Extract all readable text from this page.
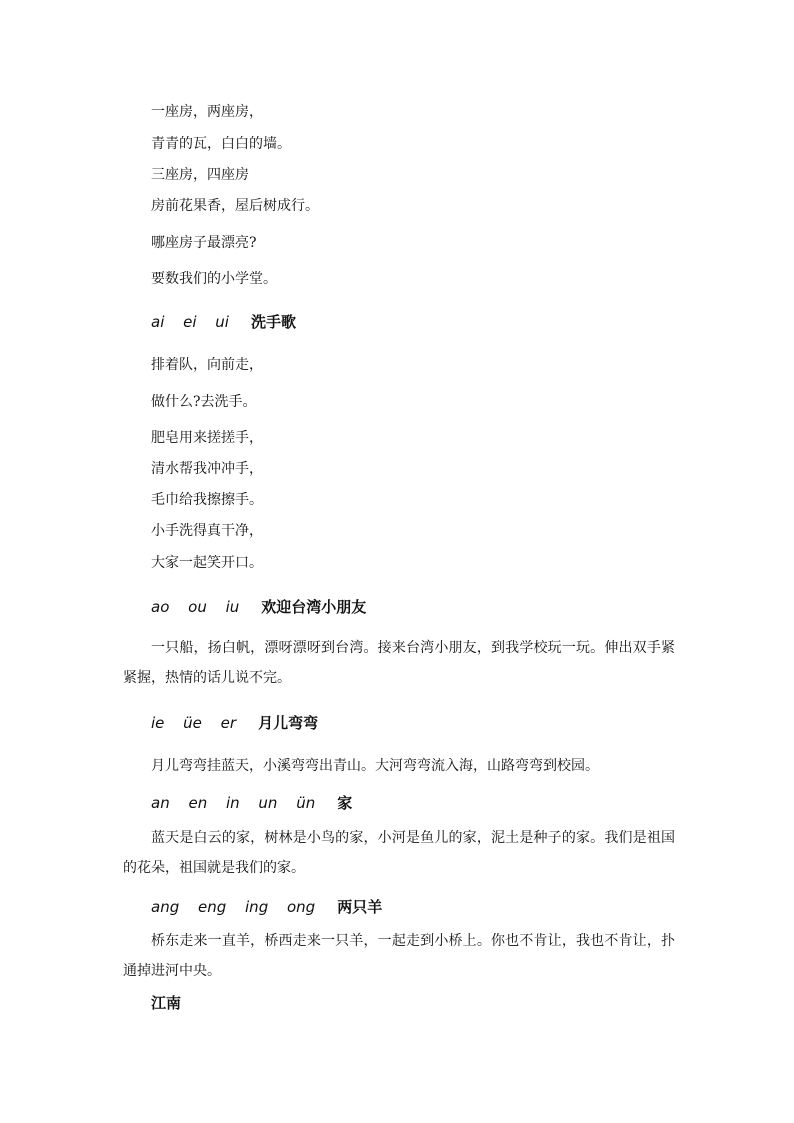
一座房，两座房，
青青的瓦，白白的墙。
三座房，四座房
房前花果香，屋后树成行。
哪座房子最漂亮?
要数我们的小学堂。
ai ei ui 洗手歌
排着队，向前走，
做什么?去洗手。
肥皂用来搓搓手，
清水帮我冲冲手，
毛巾给我擦擦手。
小手洗得真干净，
大家一起笑开口。
ao ou iu 欢迎台湾小朋友
一只船，扬白帆，漂呀漂呀到台湾。接来台湾小朋友，到我学校玩一玩。伸出双手紧紧握，热情的话儿说不完。
ie üe er 月儿弯弯
月儿弯弯挂蓝天，小溪弯弯出青山。大河弯弯流入海，山路弯弯到校园。
an en in un ün 家
蓝天是白云的家，树林是小鸟的家，小河是鱼儿的家，泥土是种子的家。我们是祖国的花朵，祖国就是我们的家。
ang eng ing ong 两只羊
桥东走来一直羊，桥西走来一只羊，一起走到小桥上。你也不肯让，我也不肯让，扑通掉进河中央。
江南
